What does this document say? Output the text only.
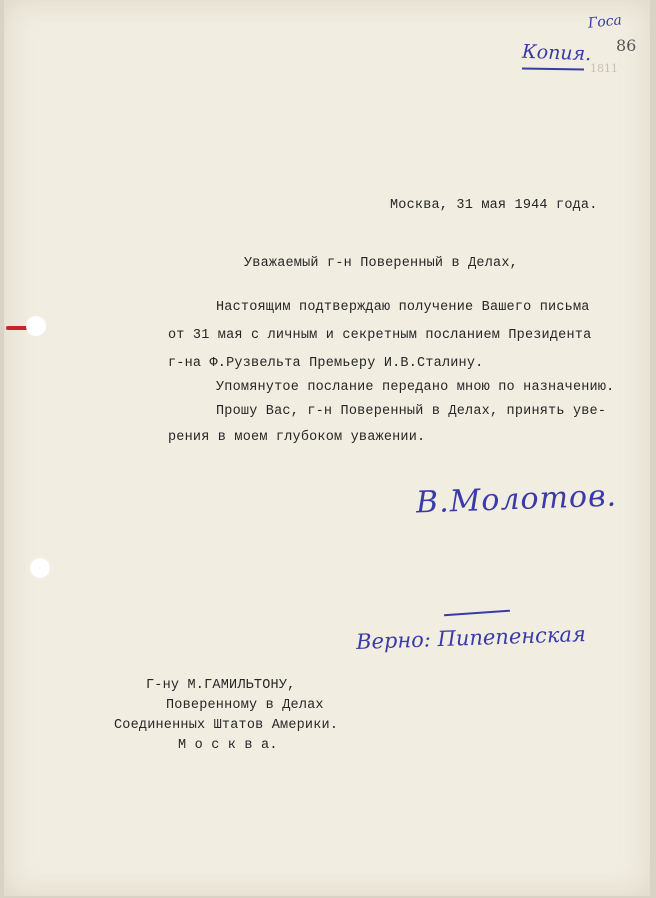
Госа
Копия. 86
1811
Москва, 31 мая 1944 года.
Уважаемый г-н Поверенный в Делах,
Настоящим подтверждаю получение Вашего письма
от 31 мая с личным и секретным посланием Президента
г-на Ф.Рузвельта Премьеру И.В.Сталину.
Упомянутое послание передано мною по назначению.
Прошу Вас, г-н Поверенный в Делах, принять уве-
рения в моем глубоком уважении.
В.Молотов.
Верно: Пипепенская
Г-ну М.ГАМИЛЬТОНУ,
Поверенному в Делах
Соединенных Штатов Америки.
М о с к в а.
